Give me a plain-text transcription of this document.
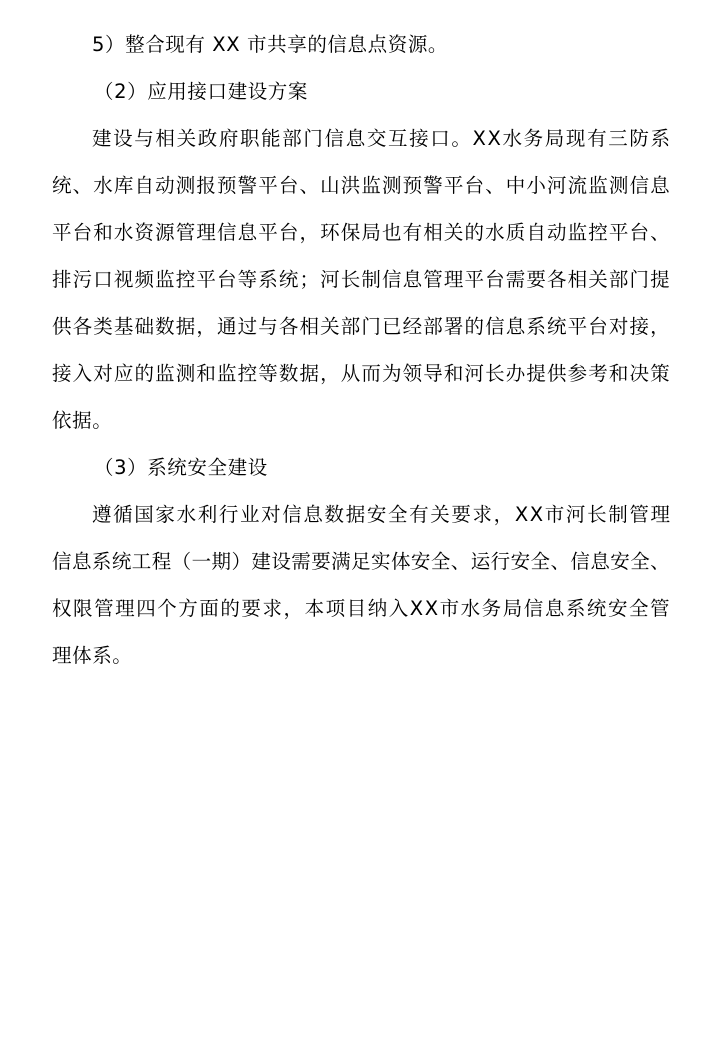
5）整合现有 XX 市共享的信息点资源。
（2）应用接口建设方案
建 设 与 相 关 政 府 职 能 部 门 信 息 交 互 接 口 。 X X 水 务 局 现 有 三 防 系
统 、 水 库 自 动 测 报 预 警 平 台 、 山 洪 监 测 预 警 平 台 、 中 小 河 流 监 测 信 息
平 台 和 水 资 源 管 理 信 息 平 台 ， 环 保 局 也 有 相 关 的 水 质 自 动 监 控 平 台 、
排 污 口 视 频 监 控 平 台 等 系 统 ； 河 长 制 信 息 管 理 平 台 需 要 各 相 关 部 门 提
供 各 类 基 础 数 据 ， 通 过 与 各 相 关 部 门 已 经 部 署 的 信 息 系 统 平 台 对 接 ，
接 入 对 应 的 监 测 和 监 控 等 数 据 ， 从 而 为 领 导 和 河 长 办 提 供 参 考 和 决 策
依据。
（3）系统安全建设
遵 循 国 家 水 利 行 业 对 信 息 数 据 安 全 有 关 要 求 ， X X 市 河 长 制 管 理
信 息 系 统 工 程 （ 一 期 ） 建 设 需 要 满 足 实 体 安 全 、 运 行 安 全 、 信 息 安 全 、
权 限 管 理 四 个 方 面 的 要 求 ， 本 项 目 纳 入 X X 市 水 务 局 信 息 系 统 安 全 管
理体系。
